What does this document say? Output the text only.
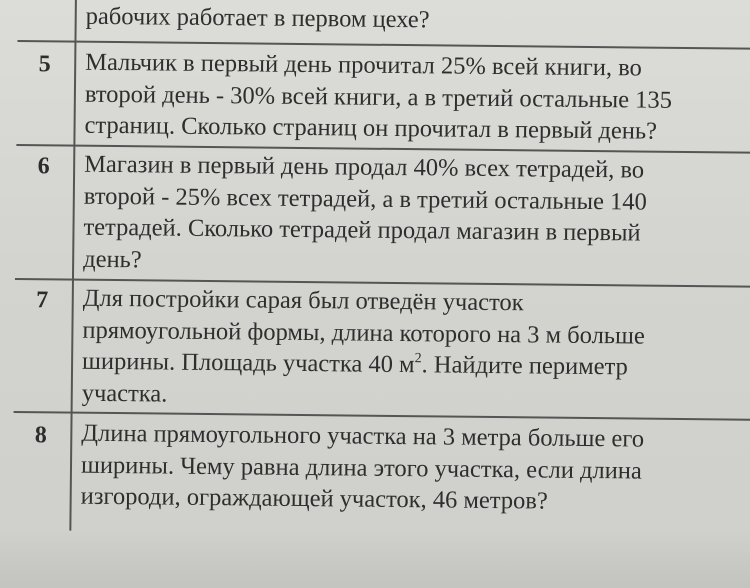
рабочих работает в первом цехе?
5	Мальчик в первый день прочитал 25% всей книги, во
второй день - 30% всей книги, а в третий остальные 135
страниц. Сколько страниц он прочитал в первый день?
6	Магазин в первый день продал 40% всех тетрадей, во
второй - 25% всех тетрадей, а в третий остальные 140
тетрадей. Сколько тетрадей продал магазин в первый
день?
7	Для постройки сарая был отведён участок
прямоугольной формы, длина которого на 3 м больше
ширины. Площадь участка 40 $м^2$. Найдите периметр
участка.
8	Длина прямоугольного участка на 3 метра больше его
ширины. Чему равна длина этого участка, если длина
изгороди, ограждающей участок, 46 метров?
